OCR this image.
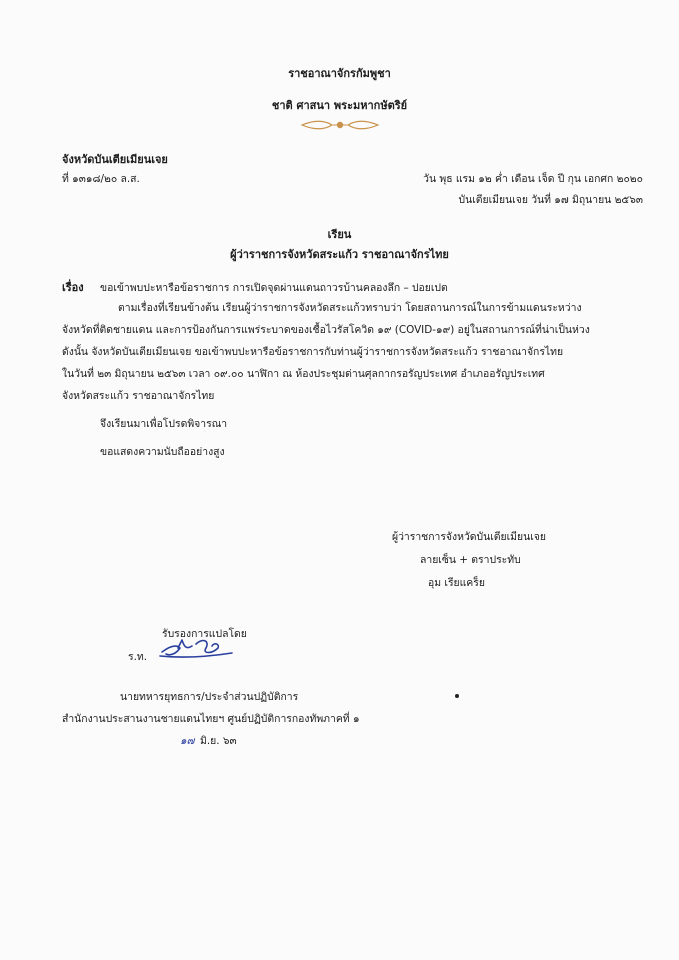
ราชอาณาจักรกัมพูชา
ชาติ ศาสนา พระมหากษัตริย์
จังหวัดบันเตียเมียนเจย
ที่ ๑๓๑๘/๒๐ ล.ส.	วัน พุธ แรม ๑๒ ค่ำ เดือน เจ็ด ปี กุน เอกศก ๒๐๒๐
บันเตียเมียนเจย วันที่ ๑๗ มิถุนายน ๒๕๖๓
เรียน
ผู้ว่าราชการจังหวัดสระแก้ว ราชอาณาจักรไทย
เรื่อง ขอเข้าพบปะหารือข้อราชการ การเปิดจุดผ่านแดนถาวรบ้านคลองลึก – ปอยเปต
ตามเรื่องที่เรียนข้างต้น เรียนผู้ว่าราชการจังหวัดสระแก้วทราบว่า โดยสถานการณ์ในการข้ามแดนระหว่าง
จังหวัดที่ติดชายแดน และการป้องกันการแพร่ระบาดของเชื้อไวรัสโควิด ๑๙ (COVID-๑๙) อยู่ในสถานการณ์ที่น่าเป็นห่วง
ดังนั้น จังหวัดบันเตียเมียนเจย ขอเข้าพบปะหารือข้อราชการกับท่านผู้ว่าราชการจังหวัดสระแก้ว ราชอาณาจักรไทย
ในวันที่ ๒๓ มิถุนายน ๒๕๖๓ เวลา ๐๙.๐๐ นาฬิกา ณ ห้องประชุมด่านศุลกากรอรัญประเทศ อำเภออรัญประเทศ
จังหวัดสระแก้ว ราชอาณาจักรไทย
จึงเรียนมาเพื่อโปรดพิจารณา
ขอแสดงความนับถืออย่างสูง
ผู้ว่าราชการจังหวัดบันเตียเมียนเจย
ลายเซ็น + ตราประทับ
อุม เรียแคร็ย
รับรองการแปลโดย
ร.ท.
นายทหารยุทธการ/ประจำส่วนปฏิบัติการ
สำนักงานประสานงานชายแดนไทยฯ ศูนย์ปฏิบัติการกองทัพภาคที่ ๑
๑๗ มิ.ย. ๖๓
